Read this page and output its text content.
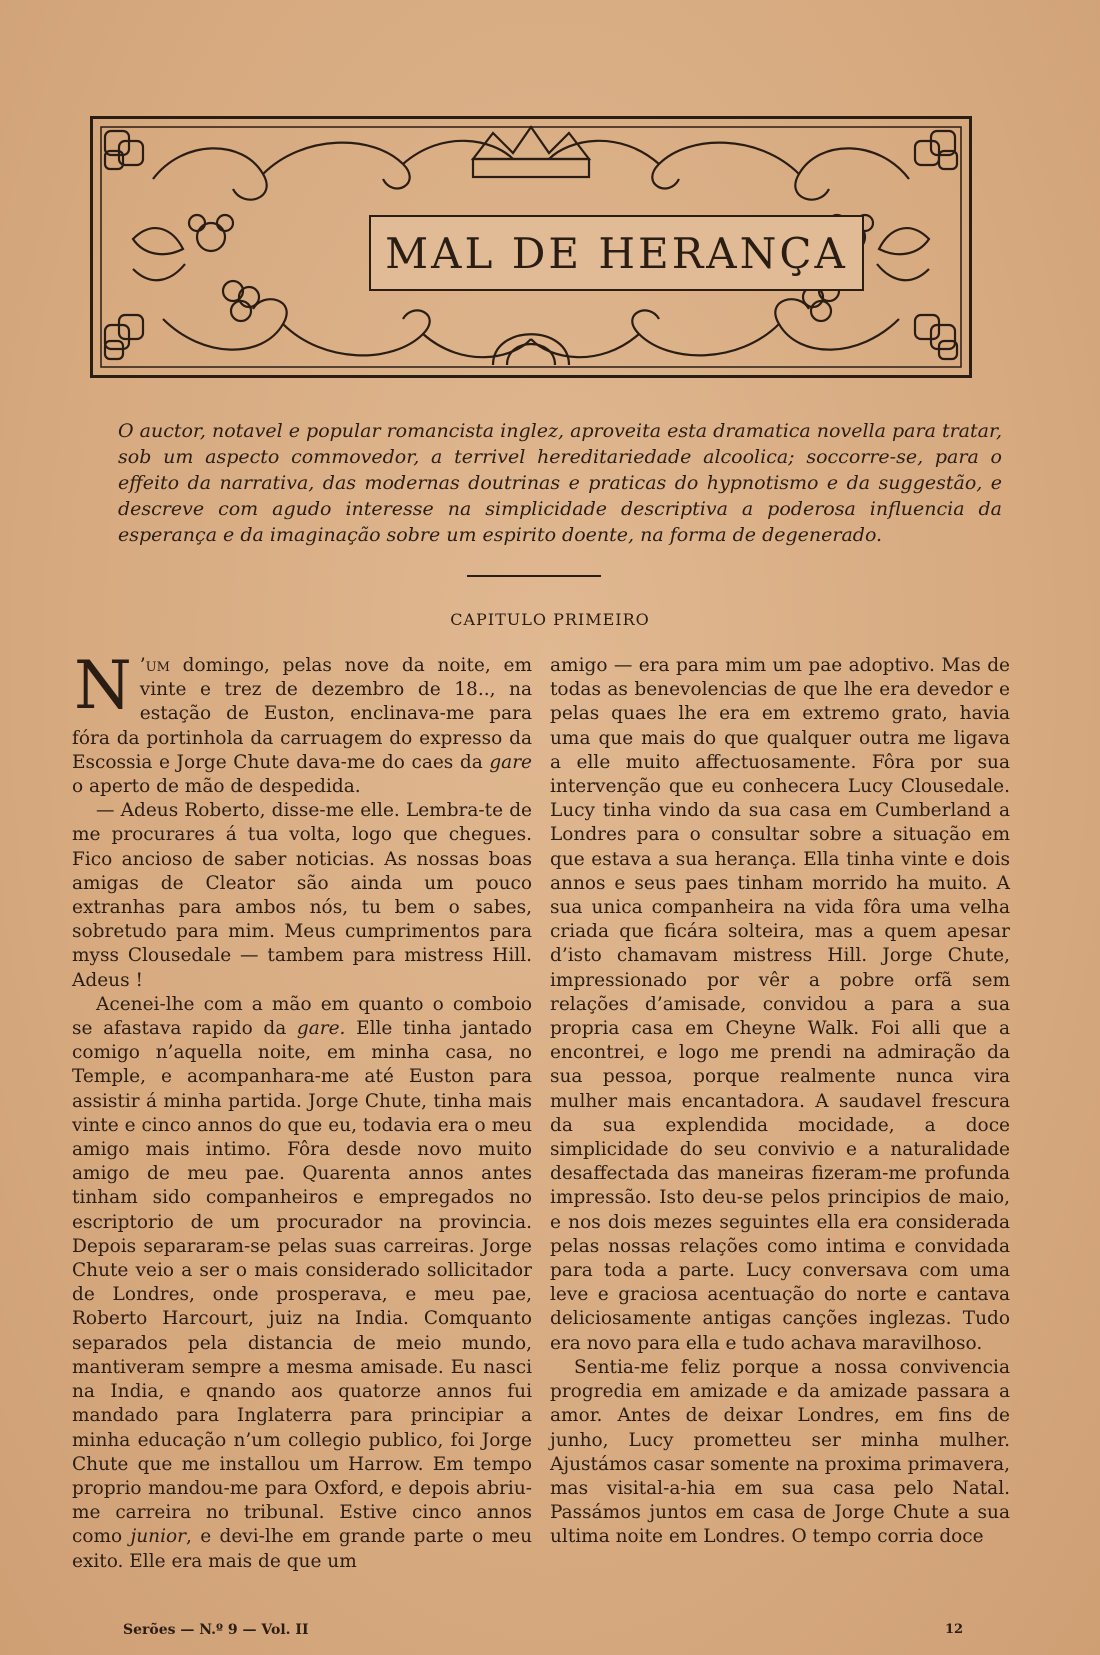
MAL DE HERANÇA
O auctor, notavel e popular romancista inglez, aproveita esta dramatica novella para tratar, sob um aspecto commovedor, a terrivel hereditariedade alcoolica; soccorre-se, para o effeito da narrativa, das modernas doutrinas e praticas do hypnotismo e da suggestão, e descreve com agudo interesse na simplicidade descriptiva a poderosa influencia da esperança e da imaginação sobre um espirito doente, na forma de degenerado.
CAPITULO PRIMEIRO

N ’um domingo, pelas nove da noite, em vinte e trez de dezembro de 18.., na estação de Euston, enclinava-me para fóra da portinhola da carruagem do expresso da Escossia e Jorge Chute dava-me do caes da gare o aperto de mão de despedida.

— Adeus Roberto, disse-me elle. Lembra-te de me procurares á tua volta, logo que chegues. Fico ancioso de saber noticias. As nossas boas amigas de Cleator são ainda um pouco extranhas para ambos nós, tu bem o sabes, sobretudo para mim. Meus cumprimentos para myss Clousedale — tambem para mistress Hill. Adeus !

Acenei-lhe com a mão em quanto o comboio se afastava rapido da gare. Elle tinha jantado comigo n’aquella noite, em minha casa, no Temple, e acompanhara-me até Euston para assistir á minha partida. Jorge Chute, tinha mais vinte e cinco annos do que eu, todavia era o meu amigo mais intimo. Fôra desde novo muito amigo de meu pae. Quarenta annos antes tinham sido companheiros e empregados no escriptorio de um procurador na provincia. Depois separaram-se pelas suas carreiras. Jorge Chute veio a ser o mais considerado sollicitador de Londres, onde prosperava, e meu pae, Roberto Harcourt, juiz na India. Comquanto separados pela distancia de meio mundo, mantiveram sempre a mesma amisade. Eu nasci na India, e qnando aos quatorze annos fui mandado para Inglaterra para principiar a minha educação n’um collegio publico, foi Jorge Chute que me installou um Harrow. Em tempo proprio mandou-me para Oxford, e depois abriu-me carreira no tribunal. Estive cinco annos como junior, e devi-lhe em grande parte o meu exito. Elle era mais de que um

amigo — era para mim um pae adoptivo. Mas de todas as benevolencias de que lhe era devedor e pelas quaes lhe era em extremo grato, havia uma que mais do que qualquer outra me ligava a elle muito affectuosamente. Fôra por sua intervenção que eu conhecera Lucy Clousedale. Lucy tinha vindo da sua casa em Cumberland a Londres para o consultar sobre a situação em que estava a sua herança. Ella tinha vinte e dois annos e seus paes tinham morrido ha muito. A sua unica companheira na vida fôra uma velha criada que ficára solteira, mas a quem apesar d’isto chamavam mistress Hill. Jorge Chute, impressionado por vêr a pobre orfã sem relações d’amisade, convidou a para a sua propria casa em Cheyne Walk. Foi alli que a encontrei, e logo me prendi na admiração da sua pessoa, porque realmente nunca vira mulher mais encantadora. A saudavel frescura da sua explendida mocidade, a doce simplicidade do seu convivio e a naturalidade desaffectada das maneiras fizeram-me profunda impressão. Isto deu-se pelos principios de maio, e nos dois mezes seguintes ella era considerada pelas nossas relações como intima e convidada para toda a parte. Lucy conversava com uma leve e graciosa acentuação do norte e cantava deliciosamente antigas canções inglezas. Tudo era novo para ella e tudo achava maravilhoso.

Sentia-me feliz porque a nossa convivencia progredia em amizade e da amizade passara a amor. Antes de deixar Londres, em fins de junho, Lucy prometteu ser minha mulher. Ajustámos casar somente na proxima primavera, mas visital-a-hia em sua casa pelo Natal. Passámos juntos em casa de Jorge Chute a sua ultima noite em Londres. O tempo corria doce

Serões — N.º 9 — Vol. II	12
